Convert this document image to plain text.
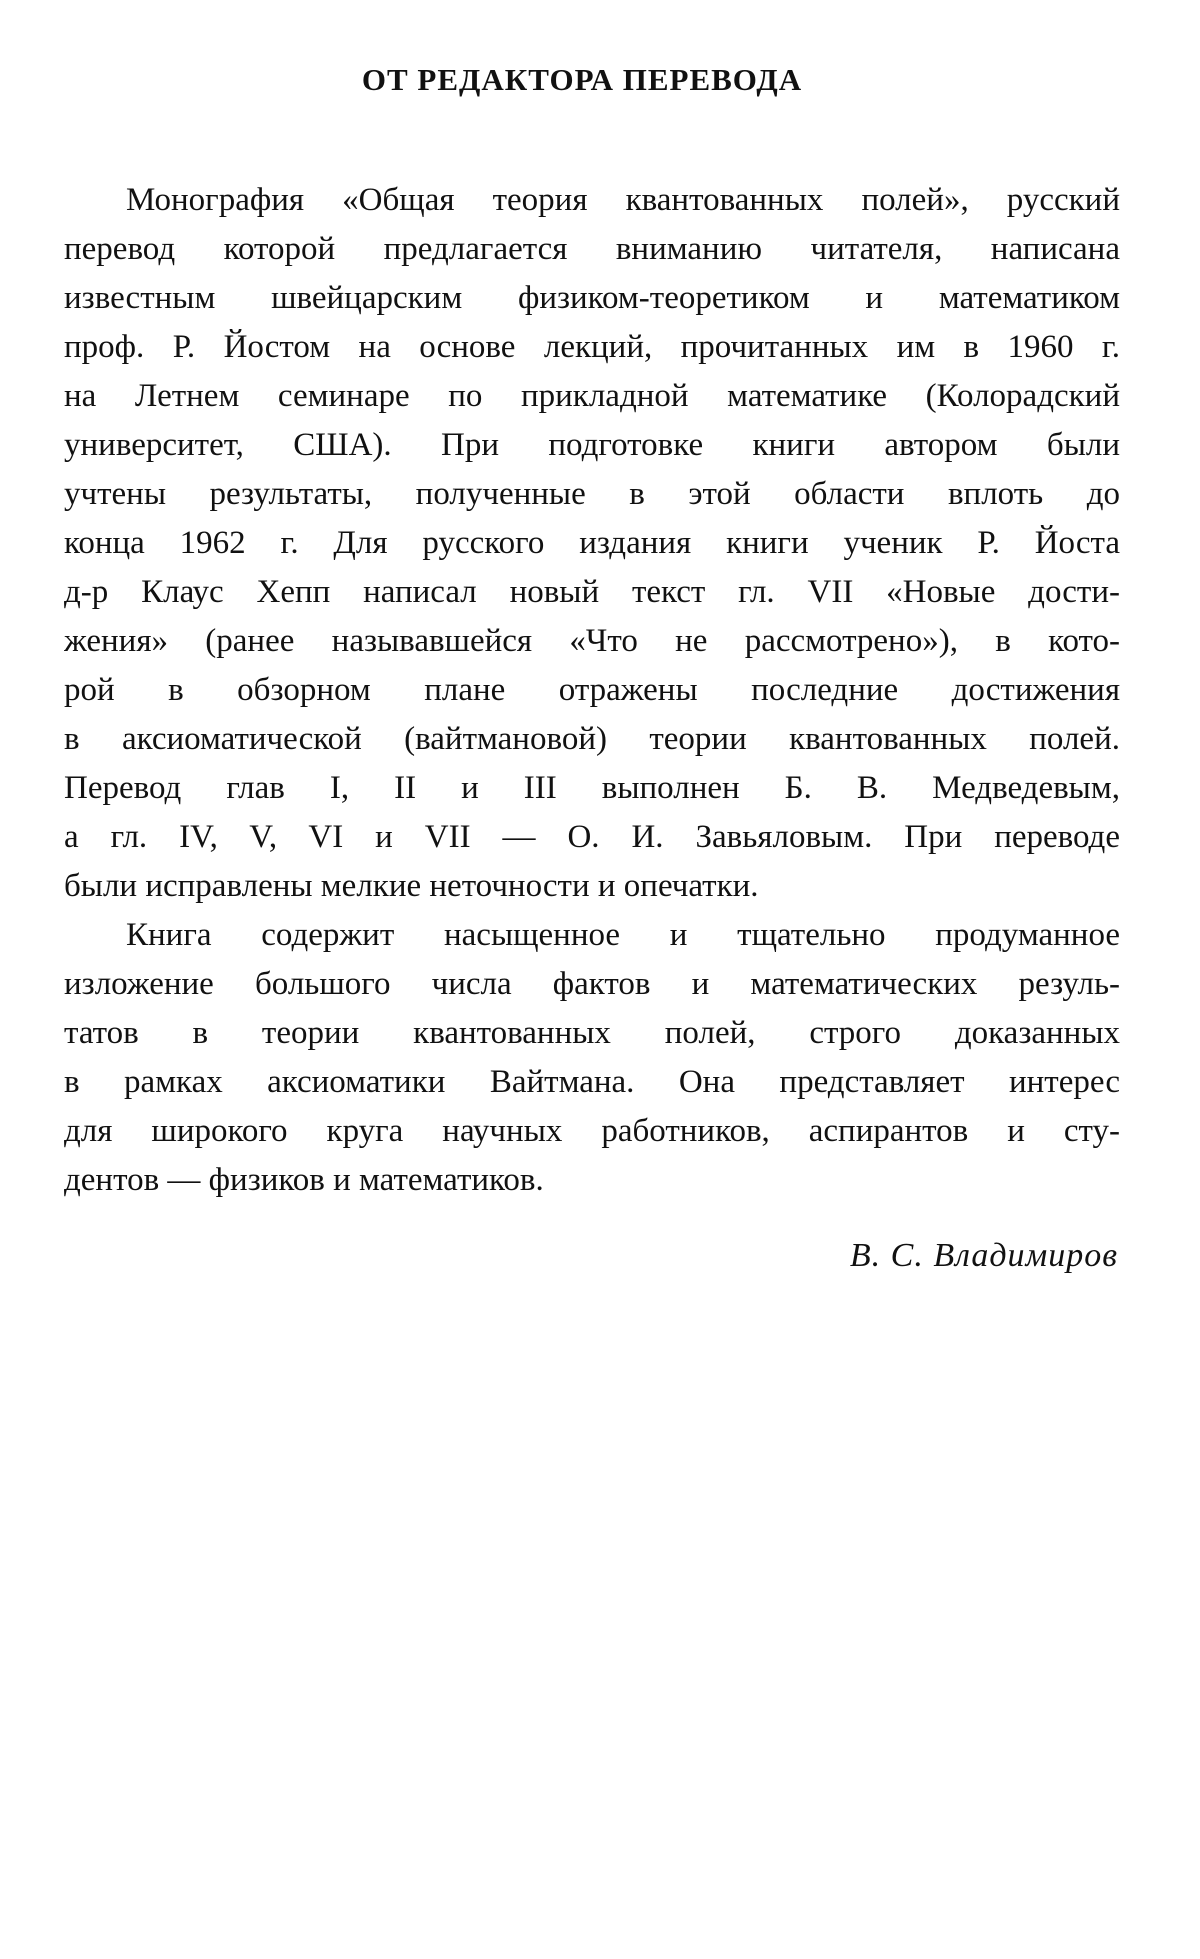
ОТ РЕДАКТОРА ПЕРЕВОДА
Монография «Общая теория квантованных полей», русский
перевод которой предлагается вниманию читателя, написана
известным швейцарским физиком-теоретиком и математиком
проф. Р. Йостом на основе лекций, прочитанных им в 1960 г.
на Летнем семинаре по прикладной математике (Колорадский
университет, США). При подготовке книги автором были
учтены результаты, полученные в этой области вплоть до
конца 1962 г. Для русского издания книги ученик Р. Йоста
д-р Клаус Хепп написал новый текст гл. VII «Новые дости-
жения» (ранее называвшейся «Что не рассмотрено»), в кото-
рой в обзорном плане отражены последние достижения
в аксиоматической (вайтмановой) теории квантованных полей.
Перевод глав I, II и III выполнен Б. В. Медведевым,
а гл. IV, V, VI и VII — О. И. Завьяловым. При переводе
были исправлены мелкие неточности и опечатки.
Книга содержит насыщенное и тщательно продуманное
изложение большого числа фактов и математических резуль-
татов в теории квантованных полей, строго доказанных
в рамках аксиоматики Вайтмана. Она представляет интерес
для широкого круга научных работников, аспирантов и сту-
дентов — физиков и математиков.
В. С. Владимиров
